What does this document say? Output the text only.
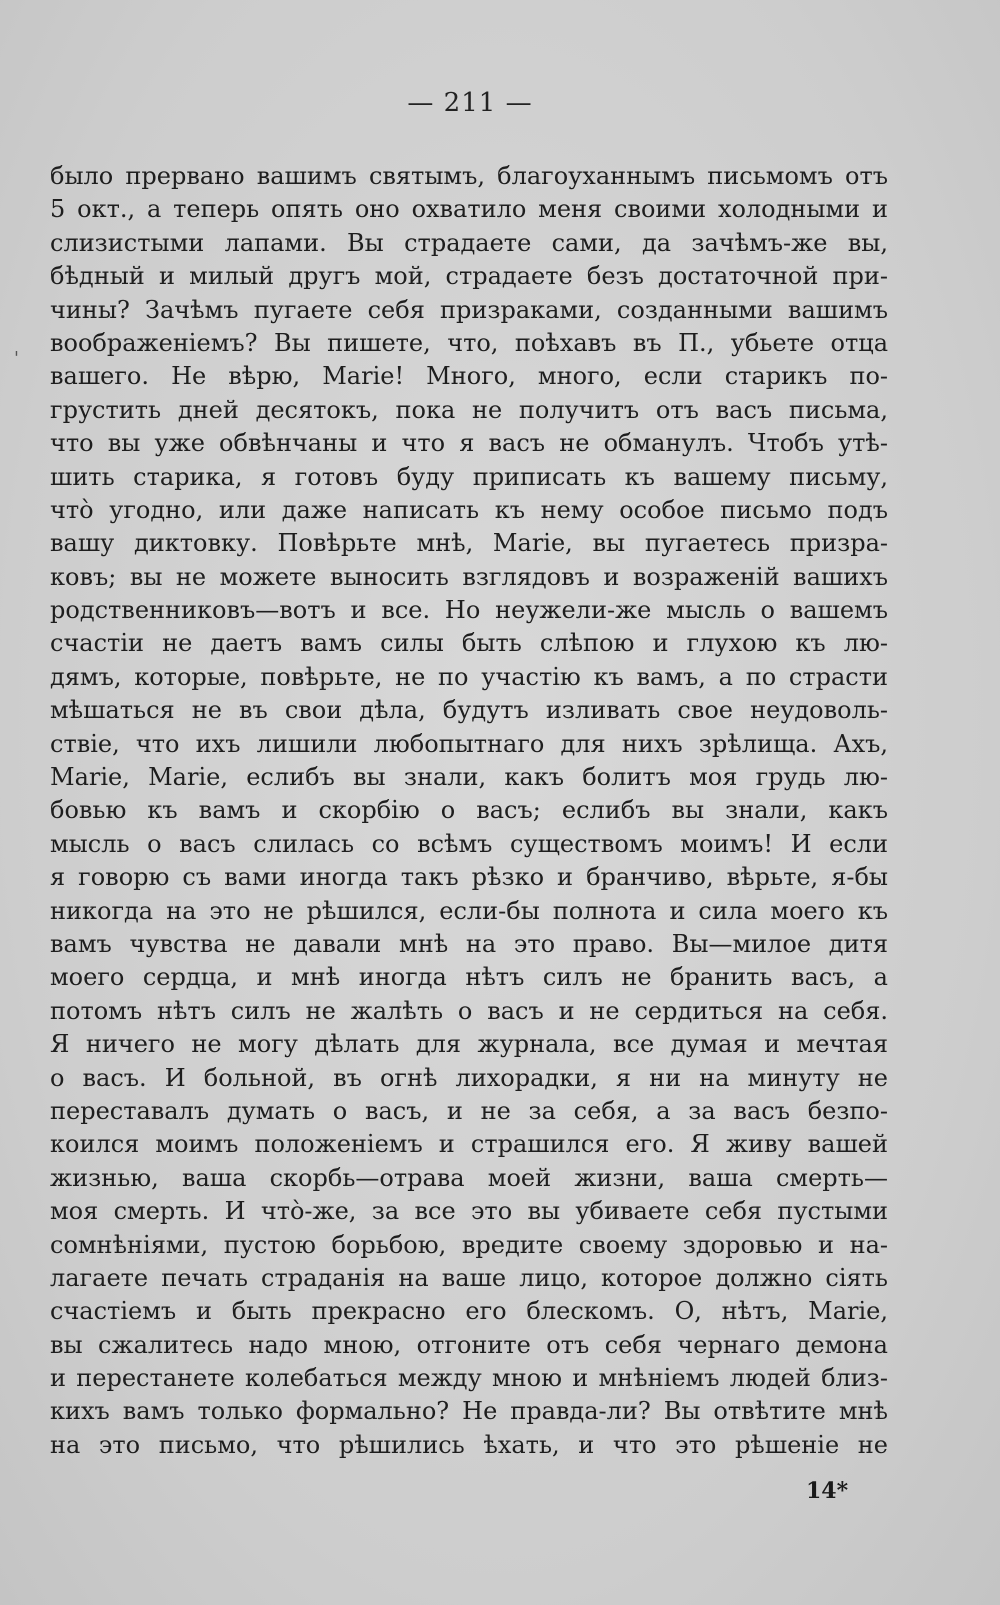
— 211 —
'
было прервано вашимъ святымъ, благоуханнымъ письмомъ отъ
5 окт., а теперь опять оно охватило меня своими холодными и
слизистыми лапами. Вы страдаете сами, да зачѣмъ-же вы,
бѣдный и милый другъ мой, страдаете безъ достаточной при-
чины? Зачѣмъ пугаете себя призраками, созданными вашимъ
воображенiемъ? Вы пишете, что, поѣхавъ въ П., убьете отца
вашего. Не вѣрю, Marie! Много, много, если старикъ по-
грустить дней десятокъ, пока не получитъ отъ васъ письма,
что вы уже обвѣнчаны и что я васъ не обманулъ. Чтобъ утѣ-
шить старика, я готовъ буду приписать къ вашему письму,
что̀ угодно, или даже написать къ нему особое письмо подъ
вашу диктовку. Повѣрьте мнѣ, Marie, вы пугаетесь призра-
ковъ; вы не можете выносить взглядовъ и возраженiй вашихъ
родственниковъ—вотъ и все. Но неужели-же мысль о вашемъ
счастiи не даетъ вамъ силы быть слѣпою и глухою къ лю-
дямъ, которые, повѣрьте, не по участiю къ вамъ, а по страсти
мѣшаться не въ свои дѣла, будутъ изливать свое неудоволь-
ствiе, что ихъ лишили любопытнаго для нихъ зрѣлища. Ахъ,
Marie, Marie, еслибъ вы знали, какъ болитъ моя грудь лю-
бовью къ вамъ и скорбiю о васъ; еслибъ вы знали, какъ
мысль о васъ слилась со всѣмъ существомъ моимъ! И если
я говорю съ вами иногда такъ рѣзко и бранчиво, вѣрьте, я-бы
никогда на это не рѣшился, если-бы полнота и сила моего къ
вамъ чувства не давали мнѣ на это право. Вы—милое дитя
моего сердца, и мнѣ иногда нѣтъ силъ не бранить васъ, а
потомъ нѣтъ силъ не жалѣть о васъ и не сердиться на себя.
Я ничего не могу дѣлать для журнала, все думая и мечтая
о васъ. И больной, въ огнѣ лихорадки, я ни на минуту не
переставалъ думать о васъ, и не за себя, а за васъ безпо-
коился моимъ положенiемъ и страшился его. Я живу вашей
жизнью, ваша скорбь—отрава моей жизни, ваша смерть—
моя смерть. И что̀-же, за все это вы убиваете себя пустыми
сомнѣнiями, пустою борьбою, вредите своему здоровью и на-
лагаете печать страданiя на ваше лицо, которое должно сiять
счастiемъ и быть прекрасно его блескомъ. О, нѣтъ, Marie,
вы сжалитесь надо мною, отгоните отъ себя чернаго демона
и перестанете колебаться между мною и мнѣнiемъ людей близ-
кихъ вамъ только формально? Не правда-ли? Вы отвѣтите мнѣ
на это письмо, что рѣшились ѣхать, и что это рѣшенiе не
14*
